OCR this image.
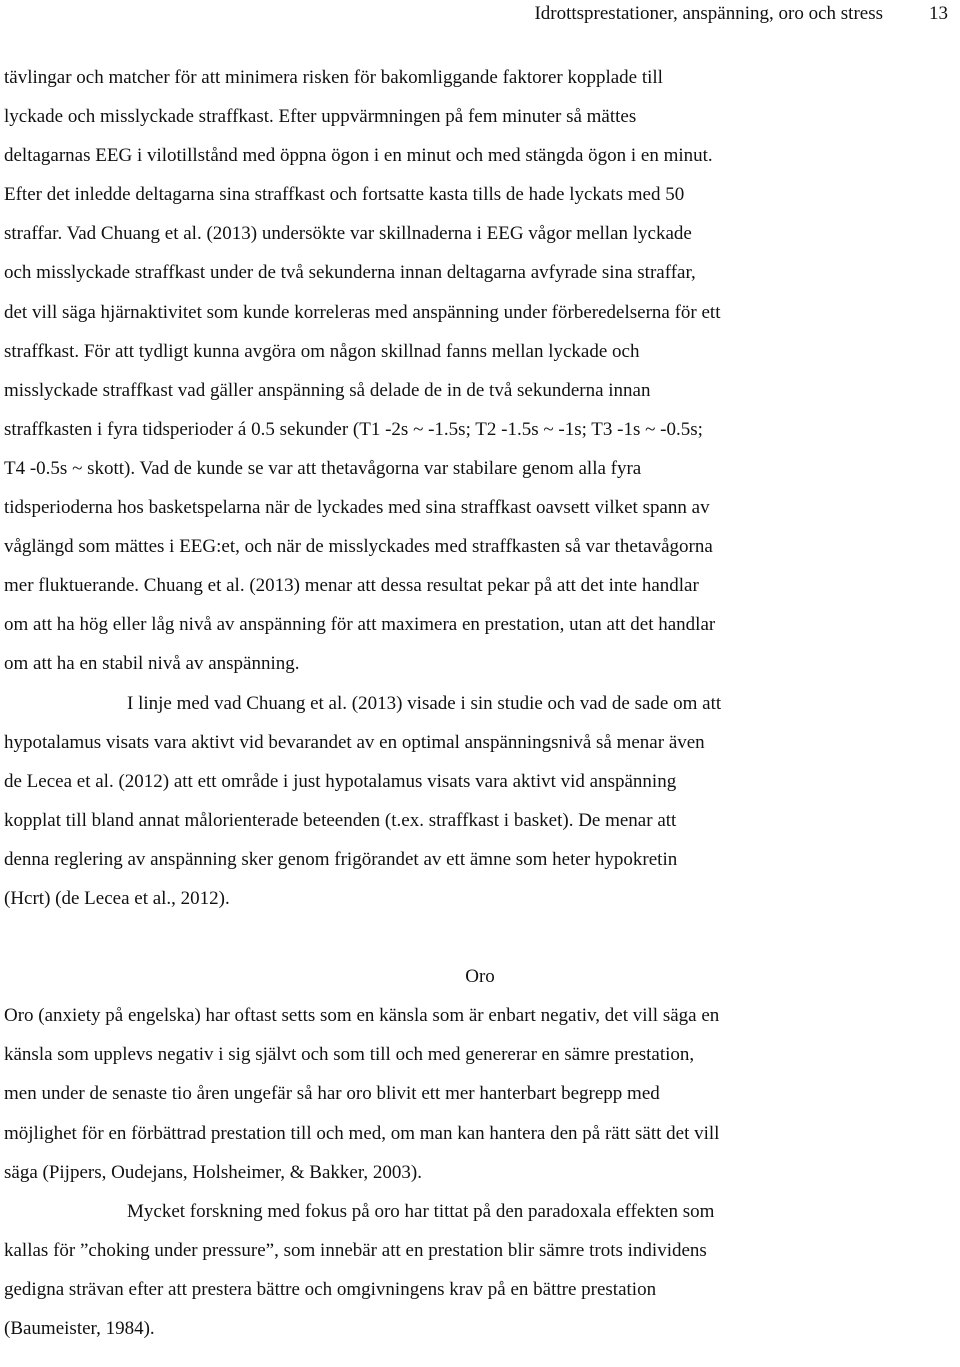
Idrottsprestationer, anspänning, oro och stress 13
tävlingar och matcher för att minimera risken för bakomliggande faktorer kopplade till
lyckade och misslyckade straffkast. Efter uppvärmningen på fem minuter så mättes
deltagarnas EEG i vilotillstånd med öppna ögon i en minut och med stängda ögon i en minut.
Efter det inledde deltagarna sina straffkast och fortsatte kasta tills de hade lyckats med 50
straffar. Vad Chuang et al. (2013) undersökte var skillnaderna i EEG vågor mellan lyckade
och misslyckade straffkast under de två sekunderna innan deltagarna avfyrade sina straffar,
det vill säga hjärnaktivitet som kunde korreleras med anspänning under förberedelserna för ett
straffkast. För att tydligt kunna avgöra om någon skillnad fanns mellan lyckade och
misslyckade straffkast vad gäller anspänning så delade de in de två sekunderna innan
straffkasten i fyra tidsperioder á 0.5 sekunder (T1 -2s ~ -1.5s; T2 -1.5s ~ -1s; T3 -1s ~ -0.5s;
T4 -0.5s ~ skott). Vad de kunde se var att thetavågorna var stabilare genom alla fyra
tidsperioderna hos basketspelarna när de lyckades med sina straffkast oavsett vilket spann av
våglängd som mättes i EEG:et, och när de misslyckades med straffkasten så var thetavågorna
mer fluktuerande. Chuang et al. (2013) menar att dessa resultat pekar på att det inte handlar
om att ha hög eller låg nivå av anspänning för att maximera en prestation, utan att det handlar
om att ha en stabil nivå av anspänning.
I linje med vad Chuang et al. (2013) visade i sin studie och vad de sade om att
hypotalamus visats vara aktivt vid bevarandet av en optimal anspänningsnivå så menar även
de Lecea et al. (2012) att ett område i just hypotalamus visats vara aktivt vid anspänning
kopplat till bland annat målorienterade beteenden (t.ex. straffkast i basket). De menar att
denna reglering av anspänning sker genom frigörandet av ett ämne som heter hypokretin
(Hcrt) (de Lecea et al., 2012).
Oro
Oro (anxiety på engelska) har oftast setts som en känsla som är enbart negativ, det vill säga en
känsla som upplevs negativ i sig självt och som till och med genererar en sämre prestation,
men under de senaste tio åren ungefär så har oro blivit ett mer hanterbart begrepp med
möjlighet för en förbättrad prestation till och med, om man kan hantera den på rätt sätt det vill
säga (Pijpers, Oudejans, Holsheimer, & Bakker, 2003).
Mycket forskning med fokus på oro har tittat på den paradoxala effekten som
kallas för ”choking under pressure”, som innebär att en prestation blir sämre trots individens
gedigna strävan efter att prestera bättre och omgivningens krav på en bättre prestation
(Baumeister, 1984).
